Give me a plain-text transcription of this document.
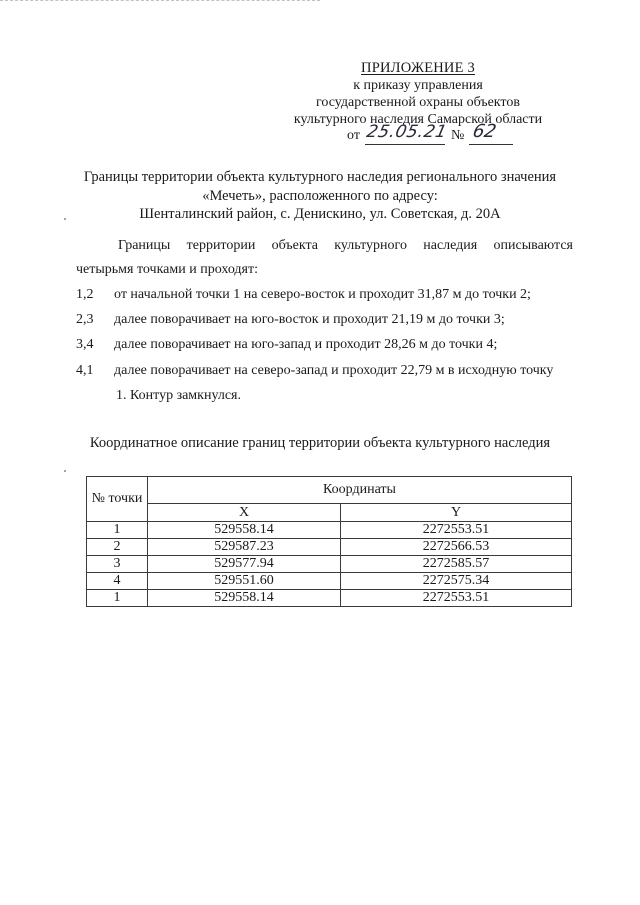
ПРИЛОЖЕНИЕ 3
к приказу управления
государственной охраны объектов
культурного наследия Самарской области
от 25.05.21 № 62
Границы территории объекта культурного наследия регионального значения
«Мечеть», расположенного по адресу:
Шенталинский район, с. Денискино, ул. Советская, д. 20А
Границы территории объекта культурного наследия описываются
четырьмя точками и проходят:
1,2 от начальной точки 1 на северо-восток и проходит 31,87 м до точки 2;
2,3 далее поворачивает на юго-восток и проходит 21,19 м до точки 3;
3,4 далее поворачивает на юго-запад и проходит 28,26 м до точки 4;
4,1 далее поворачивает на северо-запад и проходит 22,79 м в исходную точку
1. Контур замкнулся.
Координатное описание границ территории объекта культурного наследия
№ точки	Координаты	
	X	Y
1	529558.14	2272553.51
2	529587.23	2272566.53
3	529577.94	2272585.57
4	529551.60	2272575.34
1	529558.14	2272553.51
